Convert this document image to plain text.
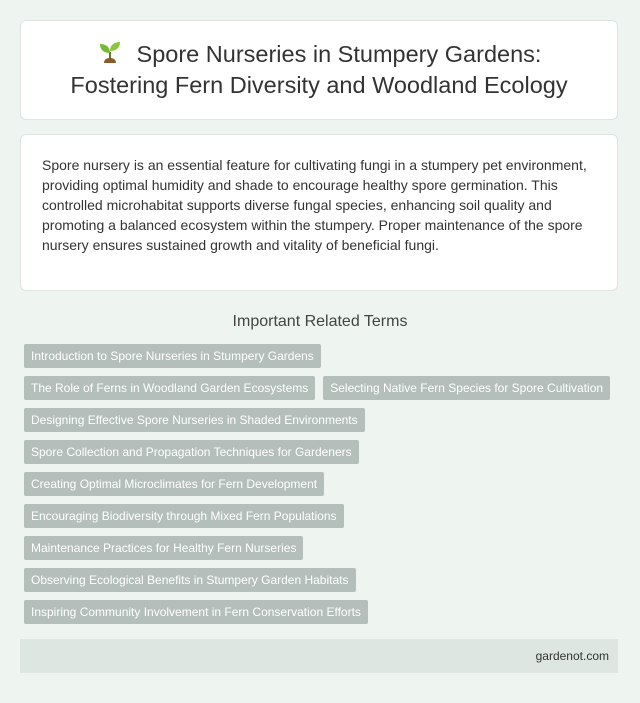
Spore Nurseries in Stumpery Gardens: Fostering Fern Diversity and Woodland Ecology

Spore nursery is an essential feature for cultivating fungi in a stumpery pet environment, providing optimal humidity and shade to encourage healthy spore germination. This controlled microhabitat supports diverse fungal species, enhancing soil quality and promoting a balanced ecosystem within the stumpery. Proper maintenance of the spore nursery ensures sustained growth and vitality of beneficial fungi.

Important Related Terms
Introduction to Spore Nurseries in Stumpery Gardens
The Role of Ferns in Woodland Garden Ecosystems	Selecting Native Fern Species for Spore Cultivation
Designing Effective Spore Nurseries in Shaded Environments
Spore Collection and Propagation Techniques for Gardeners
Creating Optimal Microclimates for Fern Development
Encouraging Biodiversity through Mixed Fern Populations
Maintenance Practices for Healthy Fern Nurseries
Observing Ecological Benefits in Stumpery Garden Habitats
Inspiring Community Involvement in Fern Conservation Efforts
gardenot.com
